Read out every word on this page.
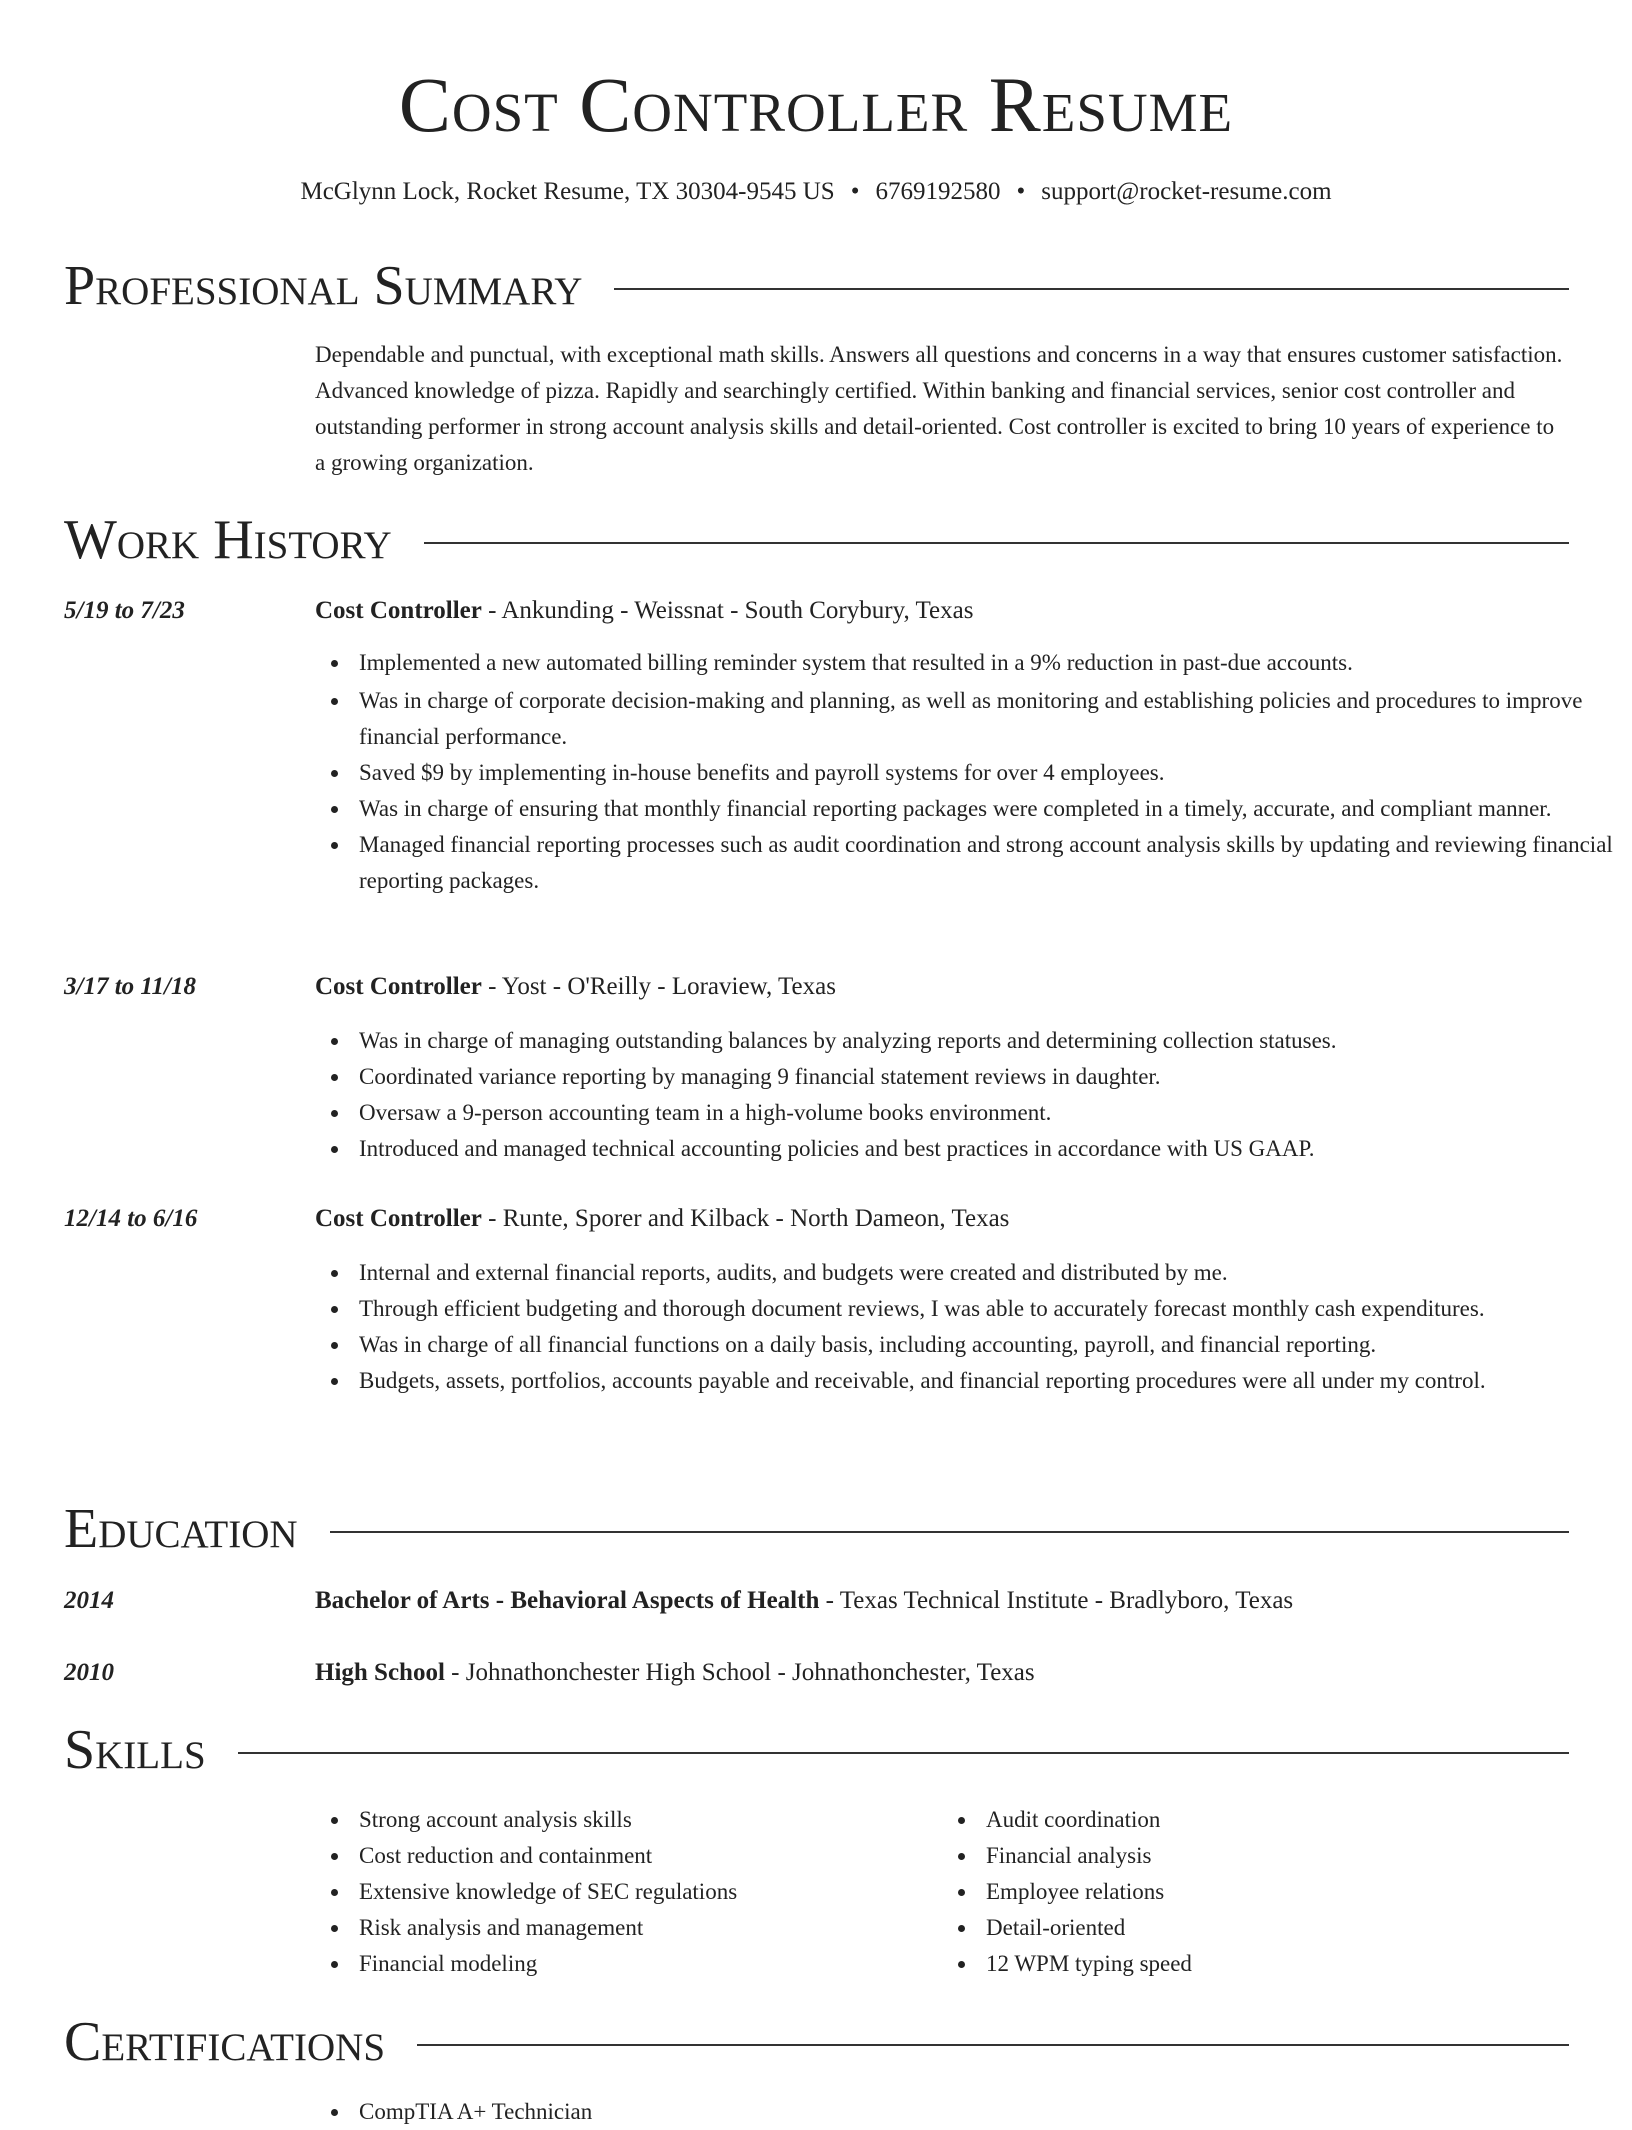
Cost Controller Resume
McGlynn Lock, Rocket Resume, TX 30304-9545 US • 6769192580 • support@rocket-resume.com
Professional Summary

Dependable and punctual, with exceptional math skills. Answers all questions and concerns in a way that ensures customer satisfaction. Advanced knowledge of pizza. Rapidly and searchingly certified. Within banking and financial services, senior cost controller and outstanding performer in strong account analysis skills and detail-oriented. Cost controller is excited to bring 10 years of experience to a growing organization.

Work History
5/19 to 7/23	Cost Controller - Ankunding - Weissnat - South Corybury, Texas
Implemented a new automated billing reminder system that resulted in a 9% reduction in past-due accounts.
Was in charge of corporate decision-making and planning, as well as monitoring and establishing policies and procedures to improve financial performance.
Saved $9 by implementing in-house benefits and payroll systems for over 4 employees.
Was in charge of ensuring that monthly financial reporting packages were completed in a timely, accurate, and compliant manner.
Managed financial reporting processes such as audit coordination and strong account analysis skills by updating and reviewing financial reporting packages.
3/17 to 11/18	Cost Controller - Yost - O'Reilly - Loraview, Texas
Was in charge of managing outstanding balances by analyzing reports and determining collection statuses.
Coordinated variance reporting by managing 9 financial statement reviews in daughter.
Oversaw a 9-person accounting team in a high-volume books environment.
Introduced and managed technical accounting policies and best practices in accordance with US GAAP.
12/14 to 6/16	Cost Controller - Runte, Sporer and Kilback - North Dameon, Texas
Internal and external financial reports, audits, and budgets were created and distributed by me.
Through efficient budgeting and thorough document reviews, I was able to accurately forecast monthly cash expenditures.
Was in charge of all financial functions on a daily basis, including accounting, payroll, and financial reporting.
Budgets, assets, portfolios, accounts payable and receivable, and financial reporting procedures were all under my control.
Education
2014	Bachelor of Arts - Behavioral Aspects of Health - Texas Technical Institute - Bradlyboro, Texas
2010	High School - Johnathonchester High School - Johnathonchester, Texas
Skills
Strong account analysis skills
Cost reduction and containment
Extensive knowledge of SEC regulations
Risk analysis and management
Financial modeling
Audit coordination
Financial analysis
Employee relations
Detail-oriented
12 WPM typing speed
Certifications
CompTIA A+ Technician
